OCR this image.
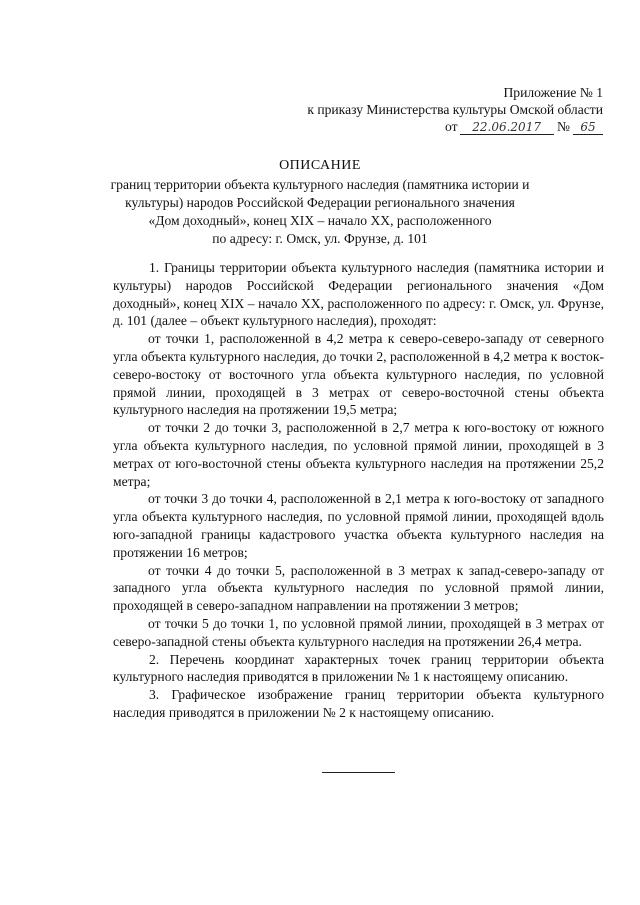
Приложение № 1
к приказу Министерства культуры Омской области
от 22.06.2017 № 65
ОПИСАНИЕ
границ территории объекта культурного наследия (памятника истории и
культуры) народов Российской Федерации регионального значения
«Дом доходный», конец XIX – начало XX, расположенного
по адресу: г. Омск, ул. Фрунзе, д. 101

1. Границы территории объекта культурного наследия (памятника истории и культуры) народов Российской Федерации регионального значения «Дом доходный», конец XIX – начало XX, расположенного по адресу: г. Омск, ул. Фрунзе, д. 101 (далее – объект культурного наследия), проходят:

от точки 1, расположенной в 4,2 метра к северо-северо-западу от северного угла объекта культурного наследия, до точки 2, расположенной в 4,2 метра к восток-северо-востоку от восточного угла объекта культурного наследия, по условной прямой линии, проходящей в 3 метрах от северо-восточной стены объекта культурного наследия на протяжении 19,5 метра;

от точки 2 до точки 3, расположенной в 2,7 метра к юго-востоку от южного угла объекта культурного наследия, по условной прямой линии, проходящей в 3 метрах от юго-восточной стены объекта культурного наследия на протяжении 25,2 метра;

от точки 3 до точки 4, расположенной в 2,1 метра к юго-востоку от западного угла объекта культурного наследия, по условной прямой линии, проходящей вдоль юго-западной границы кадастрового участка объекта культурного наследия на протяжении 16 метров;

от точки 4 до точки 5, расположенной в 3 метрах к запад-северо-западу от западного угла объекта культурного наследия по условной прямой линии, проходящей в северо-западном направлении на протяжении 3 метров;

от точки 5 до точки 1, по условной прямой линии, проходящей в 3 метрах от северо-западной стены объекта культурного наследия на протяжении 26,4 метра.

2. Перечень координат характерных точек границ территории объекта культурного наследия приводятся в приложении № 1 к настоящему описанию.

3. Графическое изображение границ территории объекта культурного наследия приводятся в приложении № 2 к настоящему описанию.
